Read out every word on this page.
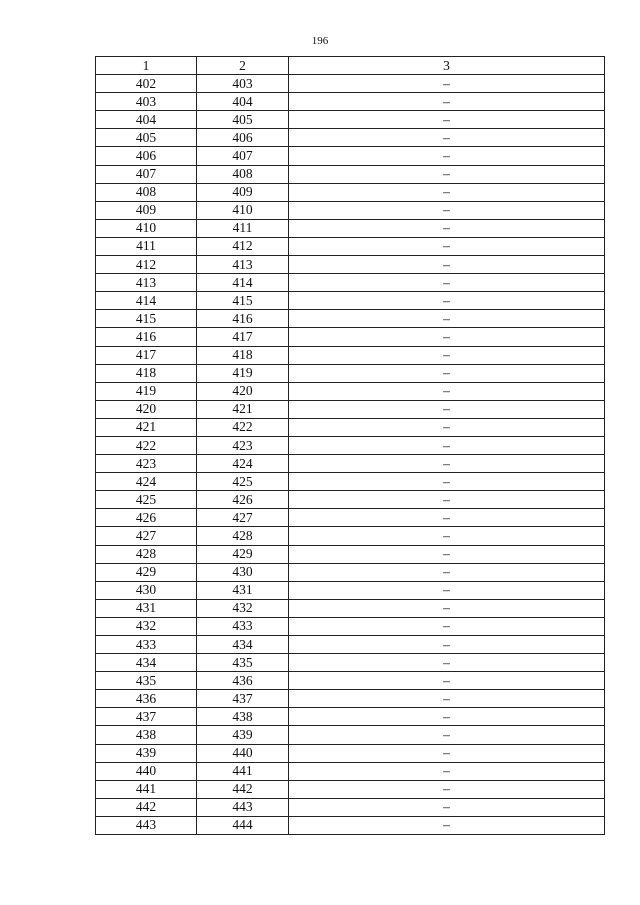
196
1	2	3
402	403	–
403	404	–
404	405	–
405	406	–
406	407	–
407	408	–
408	409	–
409	410	–
410	411	–
411	412	–
412	413	–
413	414	–
414	415	–
415	416	–
416	417	–
417	418	–
418	419	–
419	420	–
420	421	–
421	422	–
422	423	–
423	424	–
424	425	–
425	426	–
426	427	–
427	428	–
428	429	–
429	430	–
430	431	–
431	432	–
432	433	–
433	434	–
434	435	–
435	436	–
436	437	–
437	438	–
438	439	–
439	440	–
440	441	–
441	442	–
442	443	–
443	444	–
